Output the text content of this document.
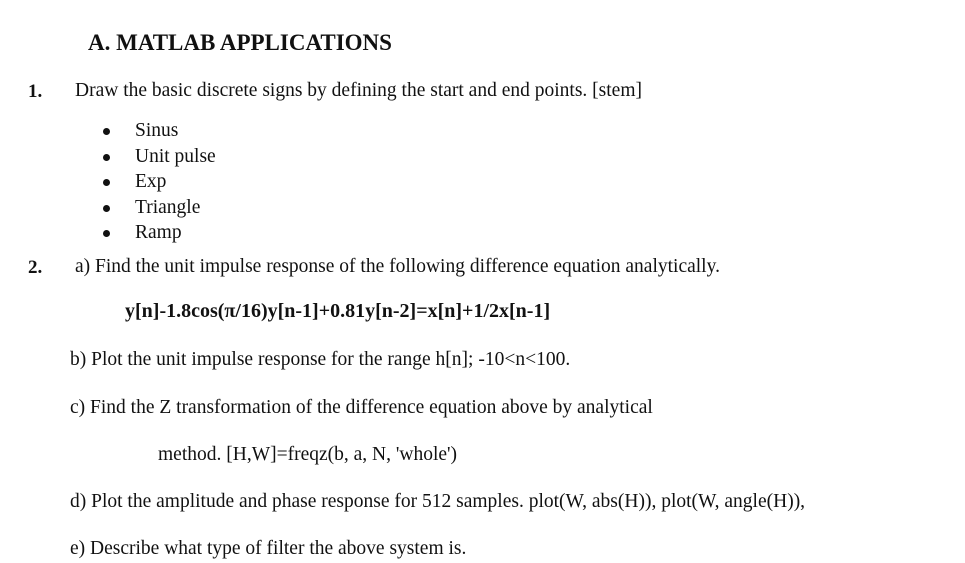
A. MATLAB APPLICATIONS
1. Draw the basic discrete signs by defining the start and end points. [stem]
Sinus
Unit pulse
Exp
Triangle
Ramp
2. a) Find the unit impulse response of the following difference equation analytically.
y[n]-1.8cos(π/16)y[n-1]+0.81y[n-2]=x[n]+1/2x[n-1]
b) Plot the unit impulse response for the range h[n]; -10<n<100.
c) Find the Z transformation of the difference equation above by analytical
method. [H,W]=freqz(b, a, N, 'whole')
d) Plot the amplitude and phase response for 512 samples. plot(W, abs(H)), plot(W, angle(H)),
e) Describe what type of filter the above system is.
